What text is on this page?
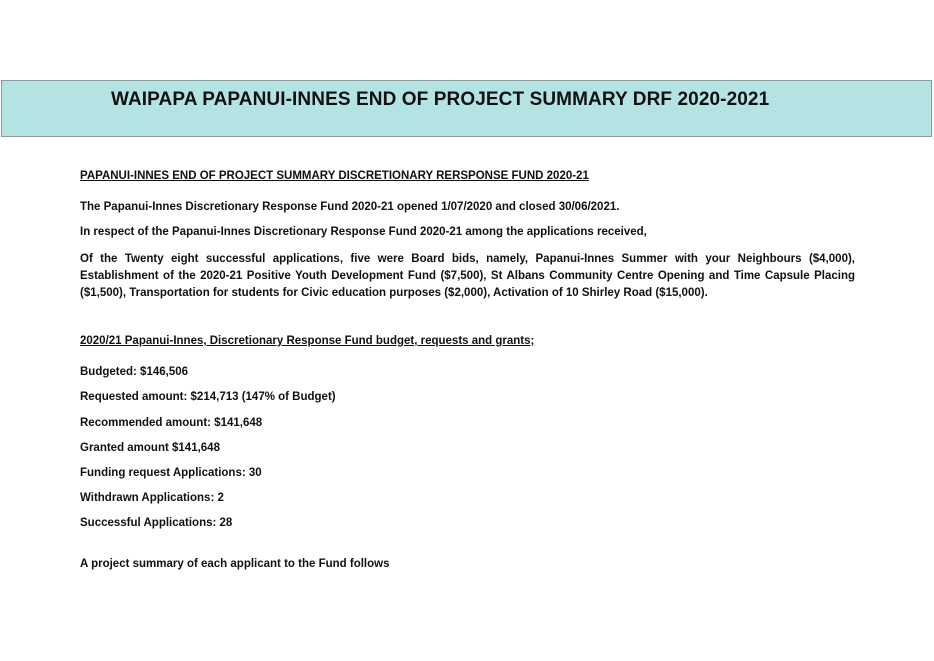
WAIPAPA PAPANUI-INNES END OF PROJECT SUMMARY DRF 2020-2021
PAPANUI-INNES END OF PROJECT SUMMARY DISCRETIONARY RERSPONSE FUND 2020-21
The Papanui-Innes Discretionary Response Fund 2020-21 opened 1/07/2020 and closed 30/06/2021.
In respect of the Papanui-Innes Discretionary Response Fund 2020-21 among the applications received,

Of the Twenty eight successful applications, five were Board bids, namely, Papanui-Innes Summer with your Neighbours ($4,000), Establishment of the 2020-21 Positive Youth Development Fund ($7,500), St Albans Community Centre Opening and Time Capsule Placing ($1,500), Transportation for students for Civic education purposes ($2,000), Activation of 10 Shirley Road ($15,000).

2020/21 Papanui-Innes, Discretionary Response Fund budget, requests and grants;
Budgeted: $146,506
Requested amount: $214,713 (147% of Budget)
Recommended amount: $141,648
Granted amount $141,648
Funding request Applications: 30
Withdrawn Applications: 2
Successful Applications: 28
A project summary of each applicant to the Fund follows
